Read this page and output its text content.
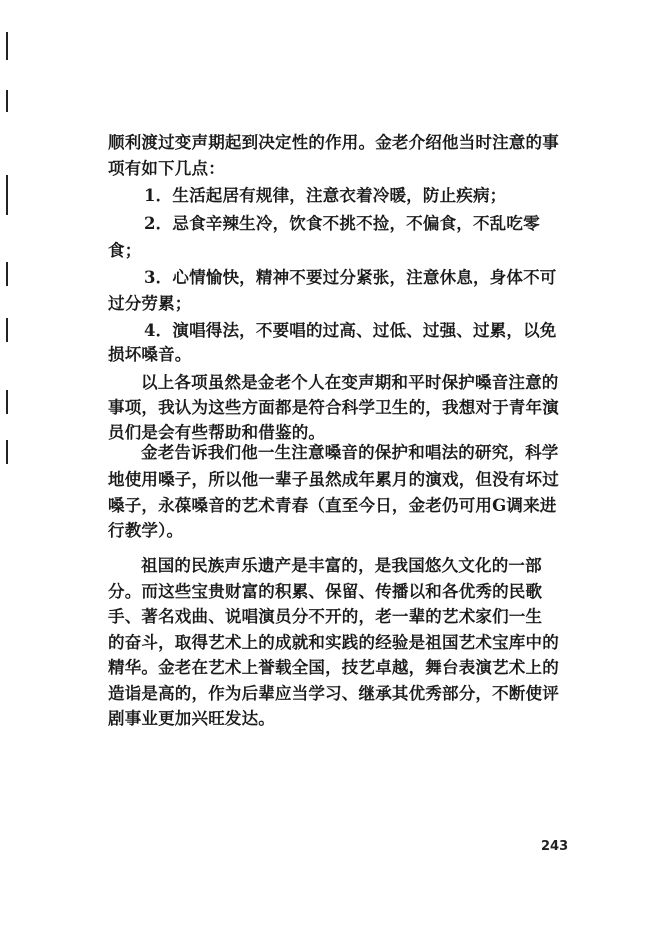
顺利渡过变声期起到决定性的作用。金老介绍他当时注意的事
项有如下几点：
1．生活起居有规律，注意衣着冷暖，防止疾病；
2．忌食辛辣生冷，饮食不挑不捡，不偏食，不乱吃零
食；
3．心情愉快，精神不要过分紧张，注意休息，身体不可
过分劳累；
4．演唱得法，不要唱的过高、过低、过强、过累，以免
损坏嗓音。
以上各项虽然是金老个人在变声期和平时保护嗓音注意的
事项，我认为这些方面都是符合科学卫生的，我想对于青年演
员们是会有些帮助和借鉴的。
金老告诉我们他一生注意嗓音的保护和唱法的研究，科学
地使用嗓子，所以他一辈子虽然成年累月的演戏，但没有坏过
嗓子，永葆嗓音的艺术青春（直至今日，金老仍可用G调来进
行教学）。
祖国的民族声乐遗产是丰富的，是我国悠久文化的一部
分。而这些宝贵财富的积累、保留、传播以和各优秀的民歌
手、著名戏曲、说唱演员分不开的，老一辈的艺术家们一生
的奋斗，取得艺术上的成就和实践的经验是祖国艺术宝库中的
精华。金老在艺术上誉载全国，技艺卓越，舞台表演艺术上的
造诣是高的，作为后辈应当学习、继承其优秀部分，不断使评
剧事业更加兴旺发达。
243
